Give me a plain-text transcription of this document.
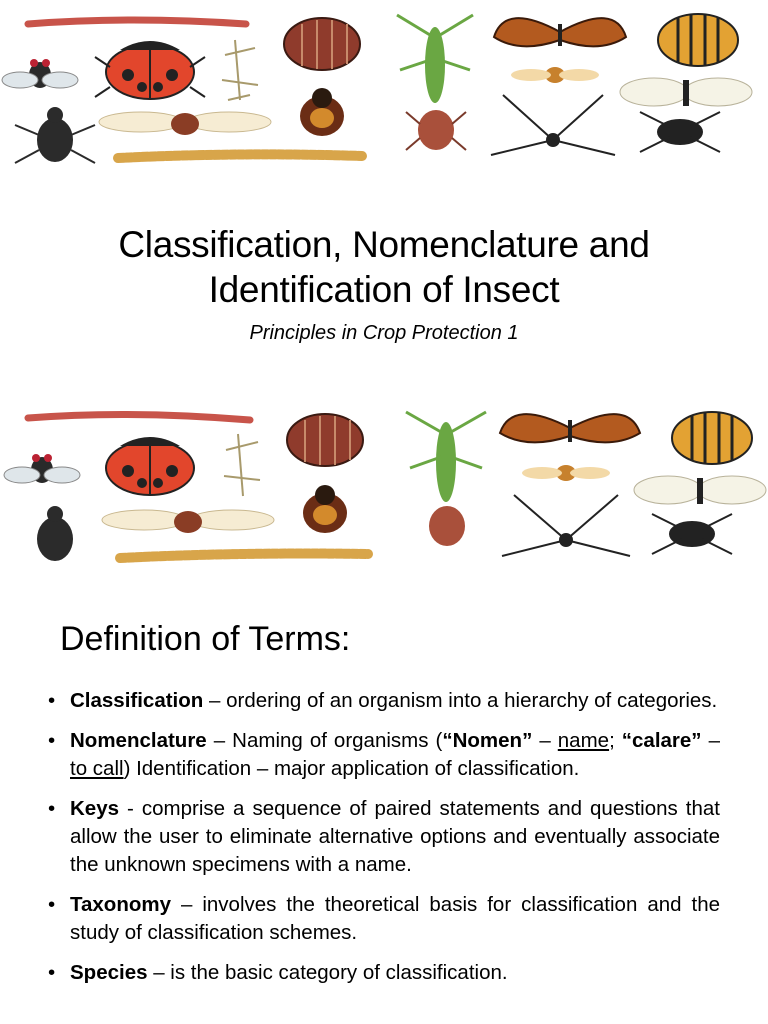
Classification, Nomenclature and
Identification of Insect
Principles in Crop Protection 1
Definition of Terms:
• Classification – ordering of an organism into a hierarchy of categories.
• Nomenclature – Naming of organisms (“Nomen” – name; “calare” – to call) Identification – major application of classification.
• Keys - comprise a sequence of paired statements and questions that allow the user to eliminate alternative options and eventually associate the unknown specimens with a name.
• Taxonomy – involves the theoretical basis for classification and the study of classification schemes.
• Species – is the basic category of classification.
